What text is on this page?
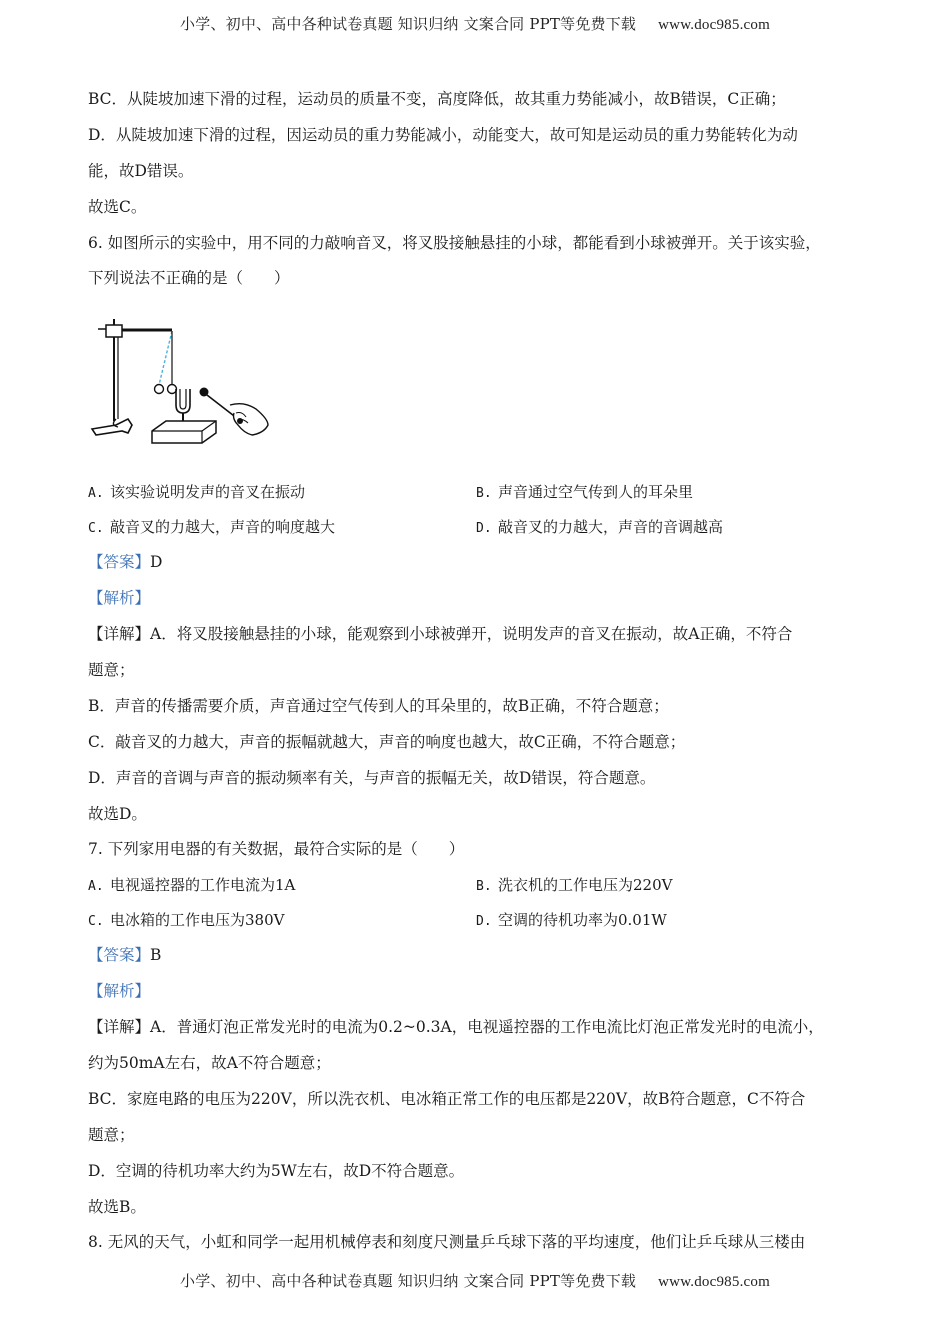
小学、初中、高中各种试卷真题 知识归纳 文案合同 PPT等免费下载 www.doc985.com
BC．从陡坡加速下滑的过程，运动员的质量不变，高度降低，故其重力势能减小，故B错误，C正确；
D．从陡坡加速下滑的过程，因运动员的重力势能减小，动能变大，故可知是运动员的重力势能转化为动
能，故D错误。
故选C。
6. 如图所示的实验中，用不同的力敲响音叉，将叉股接触悬挂的小球，都能看到小球被弹开。关于该实验，
下列说法不正确的是（　　）
A. 该实验说明发声的音叉在振动	B. 声音通过空气传到人的耳朵里
C. 敲音叉的力越大，声音的响度越大	D. 敲音叉的力越大，声音的音调越高
【答案】D
【解析】
【详解】A．将叉股接触悬挂的小球，能观察到小球被弹开，说明发声的音叉在振动，故A正确，不符合
题意；
B．声音的传播需要介质，声音通过空气传到人的耳朵里的，故B正确，不符合题意；
C．敲音叉的力越大，声音的振幅就越大，声音的响度也越大，故C正确，不符合题意；
D．声音的音调与声音的振动频率有关，与声音的振幅无关，故D错误，符合题意。
故选D。
7. 下列家用电器的有关数据，最符合实际的是（　　）
A. 电视遥控器的工作电流为1A	B. 洗衣机的工作电压为220V
C. 电冰箱的工作电压为380V	D. 空调的待机功率为0.01W
【答案】B
【解析】
【详解】A．普通灯泡正常发光时的电流为0.2~0.3A，电视遥控器的工作电流比灯泡正常发光时的电流小，
约为50mA左右，故A不符合题意；
BC．家庭电路的电压为220V，所以洗衣机、电冰箱正常工作的电压都是220V，故B符合题意，C不符合
题意；
D．空调的待机功率大约为5W左右，故D不符合题意。
故选B。
8. 无风的天气，小虹和同学一起用机械停表和刻度尺测量乒乓球下落的平均速度，他们让乒乓球从三楼由
小学、初中、高中各种试卷真题 知识归纳 文案合同 PPT等免费下载 www.doc985.com
